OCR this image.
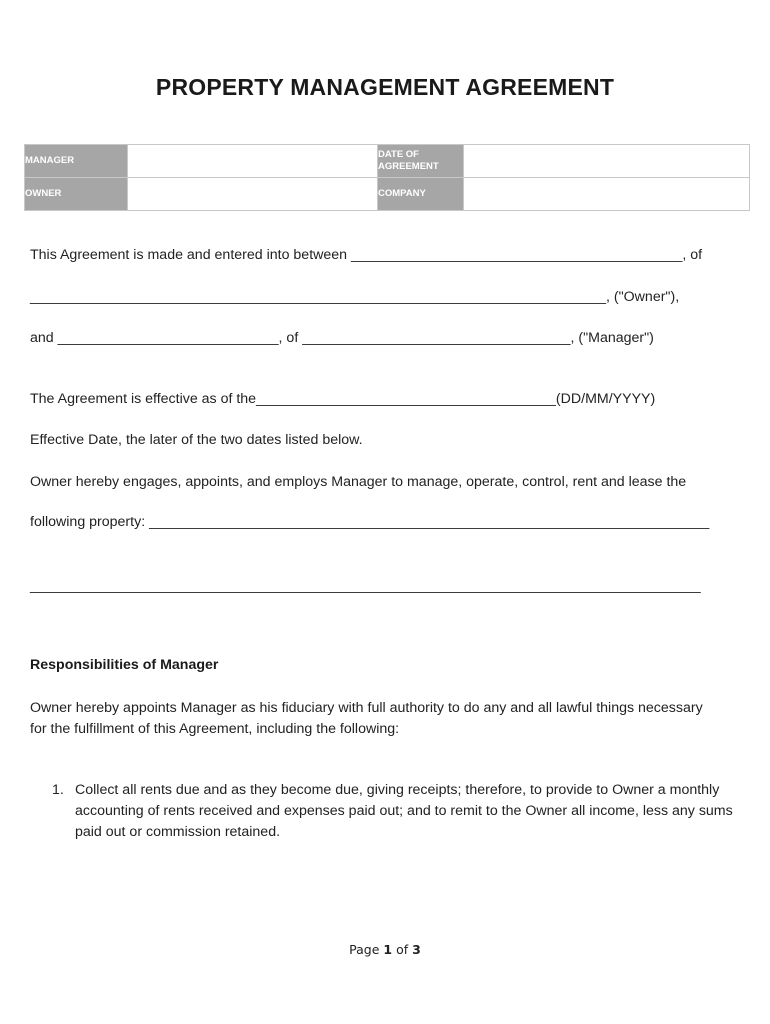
PROPERTY MANAGEMENT AGREEMENT
MANAGER		DATE OF AGREEMENT	
OWNER		COMPANY	
This Agreement is made and entered into between __________________________________________, of
_________________________________________________________________________, ("Owner"),
and ____________________________, of __________________________________, ("Manager")
The Agreement is effective as of the______________________________________(DD/MM/YYYY)
Effective Date, the later of the two dates listed below.
Owner hereby engages, appoints, and employs Manager to manage, operate, control, rent and lease the
following property: _______________________________________________________________________
_____________________________________________________________________________________
Responsibilities of Manager
Owner hereby appoints Manager as his fiduciary with full authority to do any and all lawful things necessary for the fulfillment of this Agreement, including the following:
1. Collect all rents due and as they become due, giving receipts; therefore, to provide to Owner a monthly accounting of rents received and expenses paid out; and to remit to the Owner all income, less any sums paid out or commission retained.
Page 1 of 3
